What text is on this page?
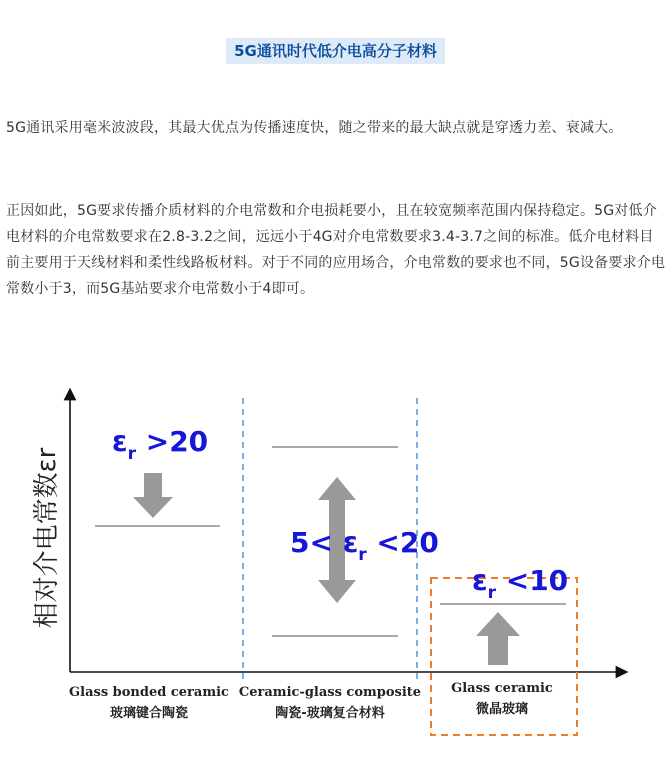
5G通讯时代低介电高分子材料

5G通讯采用毫米波波段，其最大优点为传播速度快，随之带来的最大缺点就是穿透力差、衰减大。

正因如此，5G要求传播介质材料的介电常数和介电损耗要小，且在较宽频率范围内保持稳定。5G对低介电材料的介电常数要求在2.8-3.2之间，远远小于4G对介电常数要求3.4-3.7之间的标准。低介电材料目前主要用于天线材料和柔性线路板材料。对于不同的应用场合，介电常数的要求也不同，5G设备要求介电常数小于3，而5G基站要求介电常数小于4即可。

相对介电常数εr
$\varepsilon_r >20$
$5< \varepsilon_r <20$
$\varepsilon_r <10$
Glass bonded ceramic
玻璃键合陶瓷
Ceramic-glass composite
陶瓷-玻璃复合材料
Glass ceramic
微晶玻璃
